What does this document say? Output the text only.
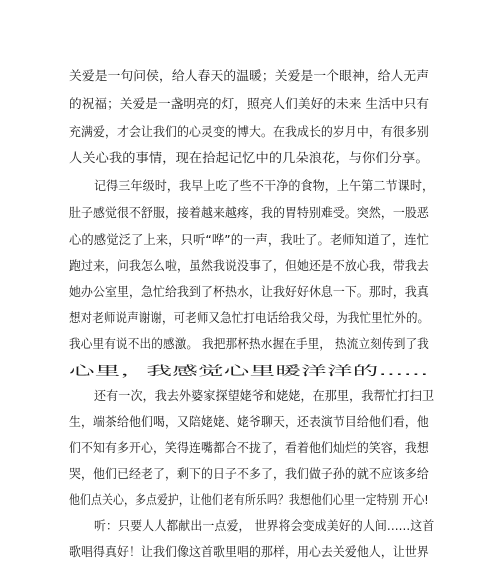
关爱是一句问侯，给人春天的温暖；关爱是一个眼神，给人无声
的祝福；关爱是一盏明亮的灯，照亮人们美好的未来 生活中只有
充满爱，才会让我们的心灵变的博大。在我成长的岁月中，有很多别
人关心我的事情，现在拾起记忆中的几朵浪花，与你们分享。
记得三年级时，我早上吃了些不干净的食物，上午第二节课时，
肚子感觉很不舒服，接着越来越疼，我的胃特别难受。突然，一股恶
心的感觉泛了上来，只听“哗”的一声，我吐了。老师知道了，连忙
跑过来，问我怎么啦，虽然我说没事了，但她还是不放心我，带我去
她办公室里，急忙给我到了杯热水，让我好好休息一下。那时，我真
想对老师说声谢谢，可老师又急忙打电话给我父母，为我忙里忙外的。
我心里有说不出的感激。 我把那杯热水握在手里， 热流立刻传到了我
心里，我感觉心里暖洋洋的......
还有一次，我去外婆家探望姥爷和姥姥，在那里，我帮忙打扫卫
生，端茶给他们喝，又陪姥姥、姥爷聊天，还表演节目给他们看，他
们不知有多开心，笑得连嘴都合不拢了，看着他们灿烂的笑容，我想
哭，他们已经老了，剩下的日子不多了，我们做子孙的就不应该多给
他们点关心，多点爱护，让他们老有所乐吗？我想他们心里一定特别 开心!
听：只要人人都献出一点爱， 世界将会变成美好的人间......这首
歌唱得真好！让我们像这首歌里唱的那样，用心去关爱他人，让世界
